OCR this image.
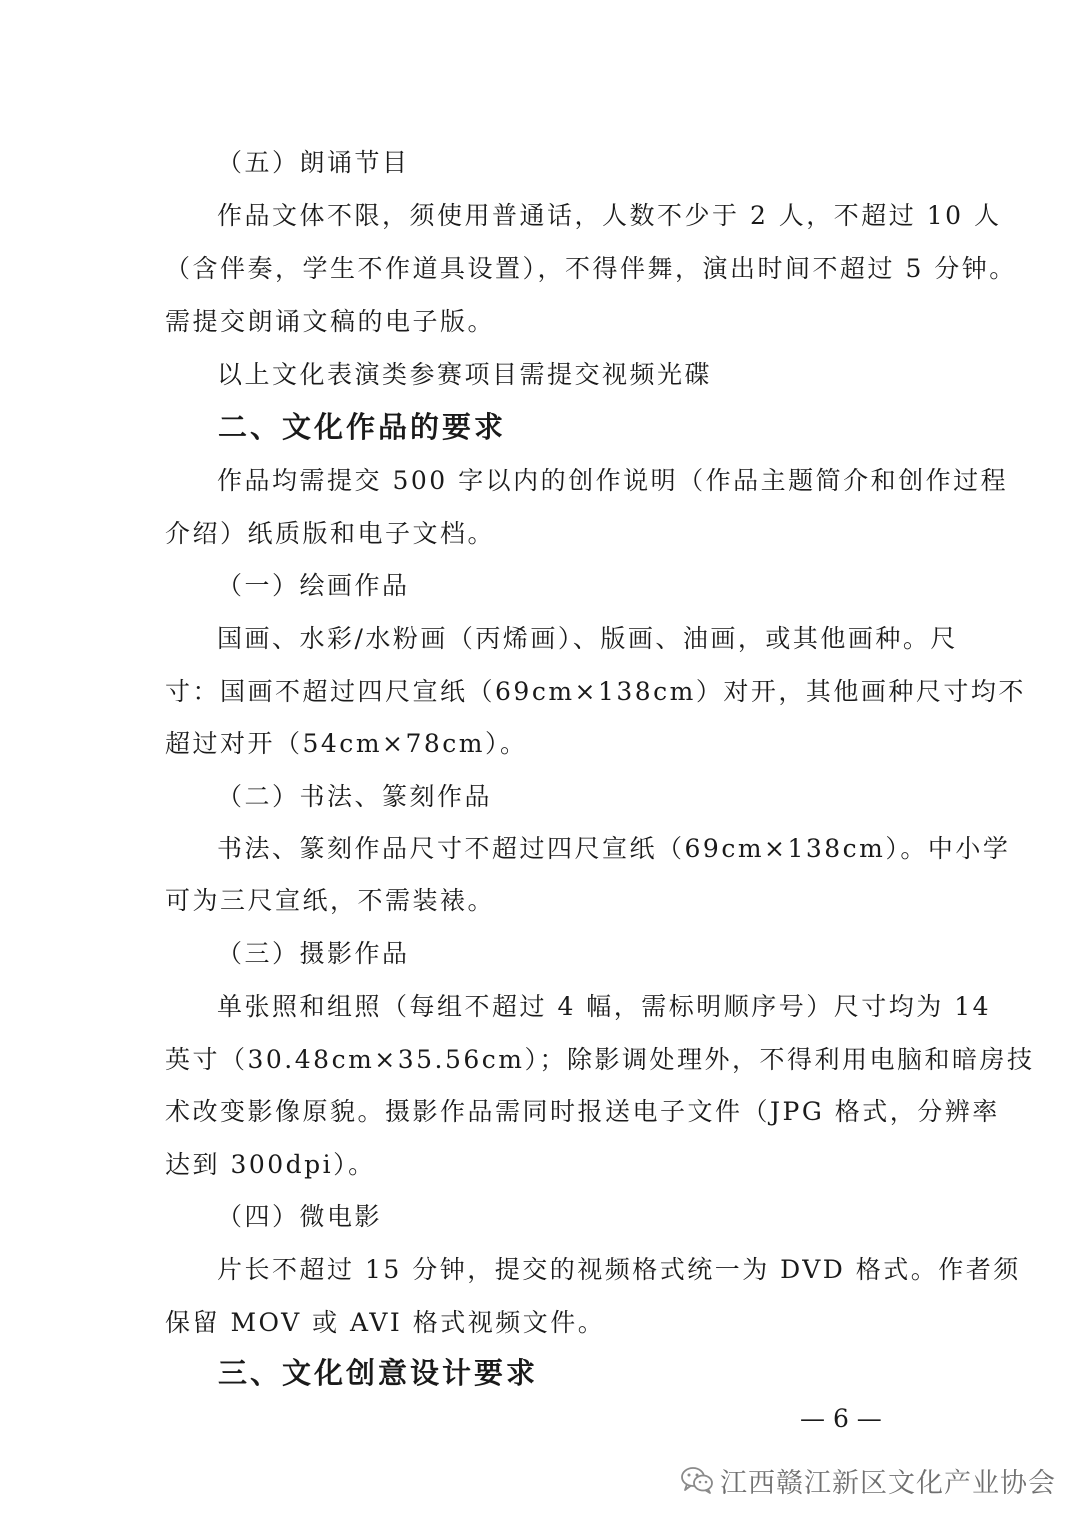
（五）朗诵节目
作品文体不限，须使用普通话，人数不少于 2 人，不超过 10 人
（含伴奏，学生不作道具设置），不得伴舞，演出时间不超过 5 分钟。
需提交朗诵文稿的电子版。
以上文化表演类参赛项目需提交视频光碟
二、文化作品的要求
作品均需提交 500 字以内的创作说明（作品主题简介和创作过程
介绍）纸质版和电子文档。
（一）绘画作品
国画、水彩/水粉画（丙烯画）、版画、油画，或其他画种。尺
寸：国画不超过四尺宣纸（69cm×138cm）对开，其他画种尺寸均不
超过对开（54cm×78cm）。
（二）书法、篆刻作品
书法、篆刻作品尺寸不超过四尺宣纸（69cm×138cm）。中小学
可为三尺宣纸，不需装裱。
（三）摄影作品
单张照和组照（每组不超过 4 幅，需标明顺序号）尺寸均为 14
英寸（30.48cm×35.56cm）；除影调处理外，不得利用电脑和暗房技
术改变影像原貌。摄影作品需同时报送电子文件（JPG 格式，分辨率
达到 300dpi）。
（四）微电影
片长不超过 15 分钟，提交的视频格式统一为 DVD 格式。作者须
保留 MOV 或 AVI 格式视频文件。
三、文化创意设计要求
— 6 —
江西赣江新区文化产业协会
